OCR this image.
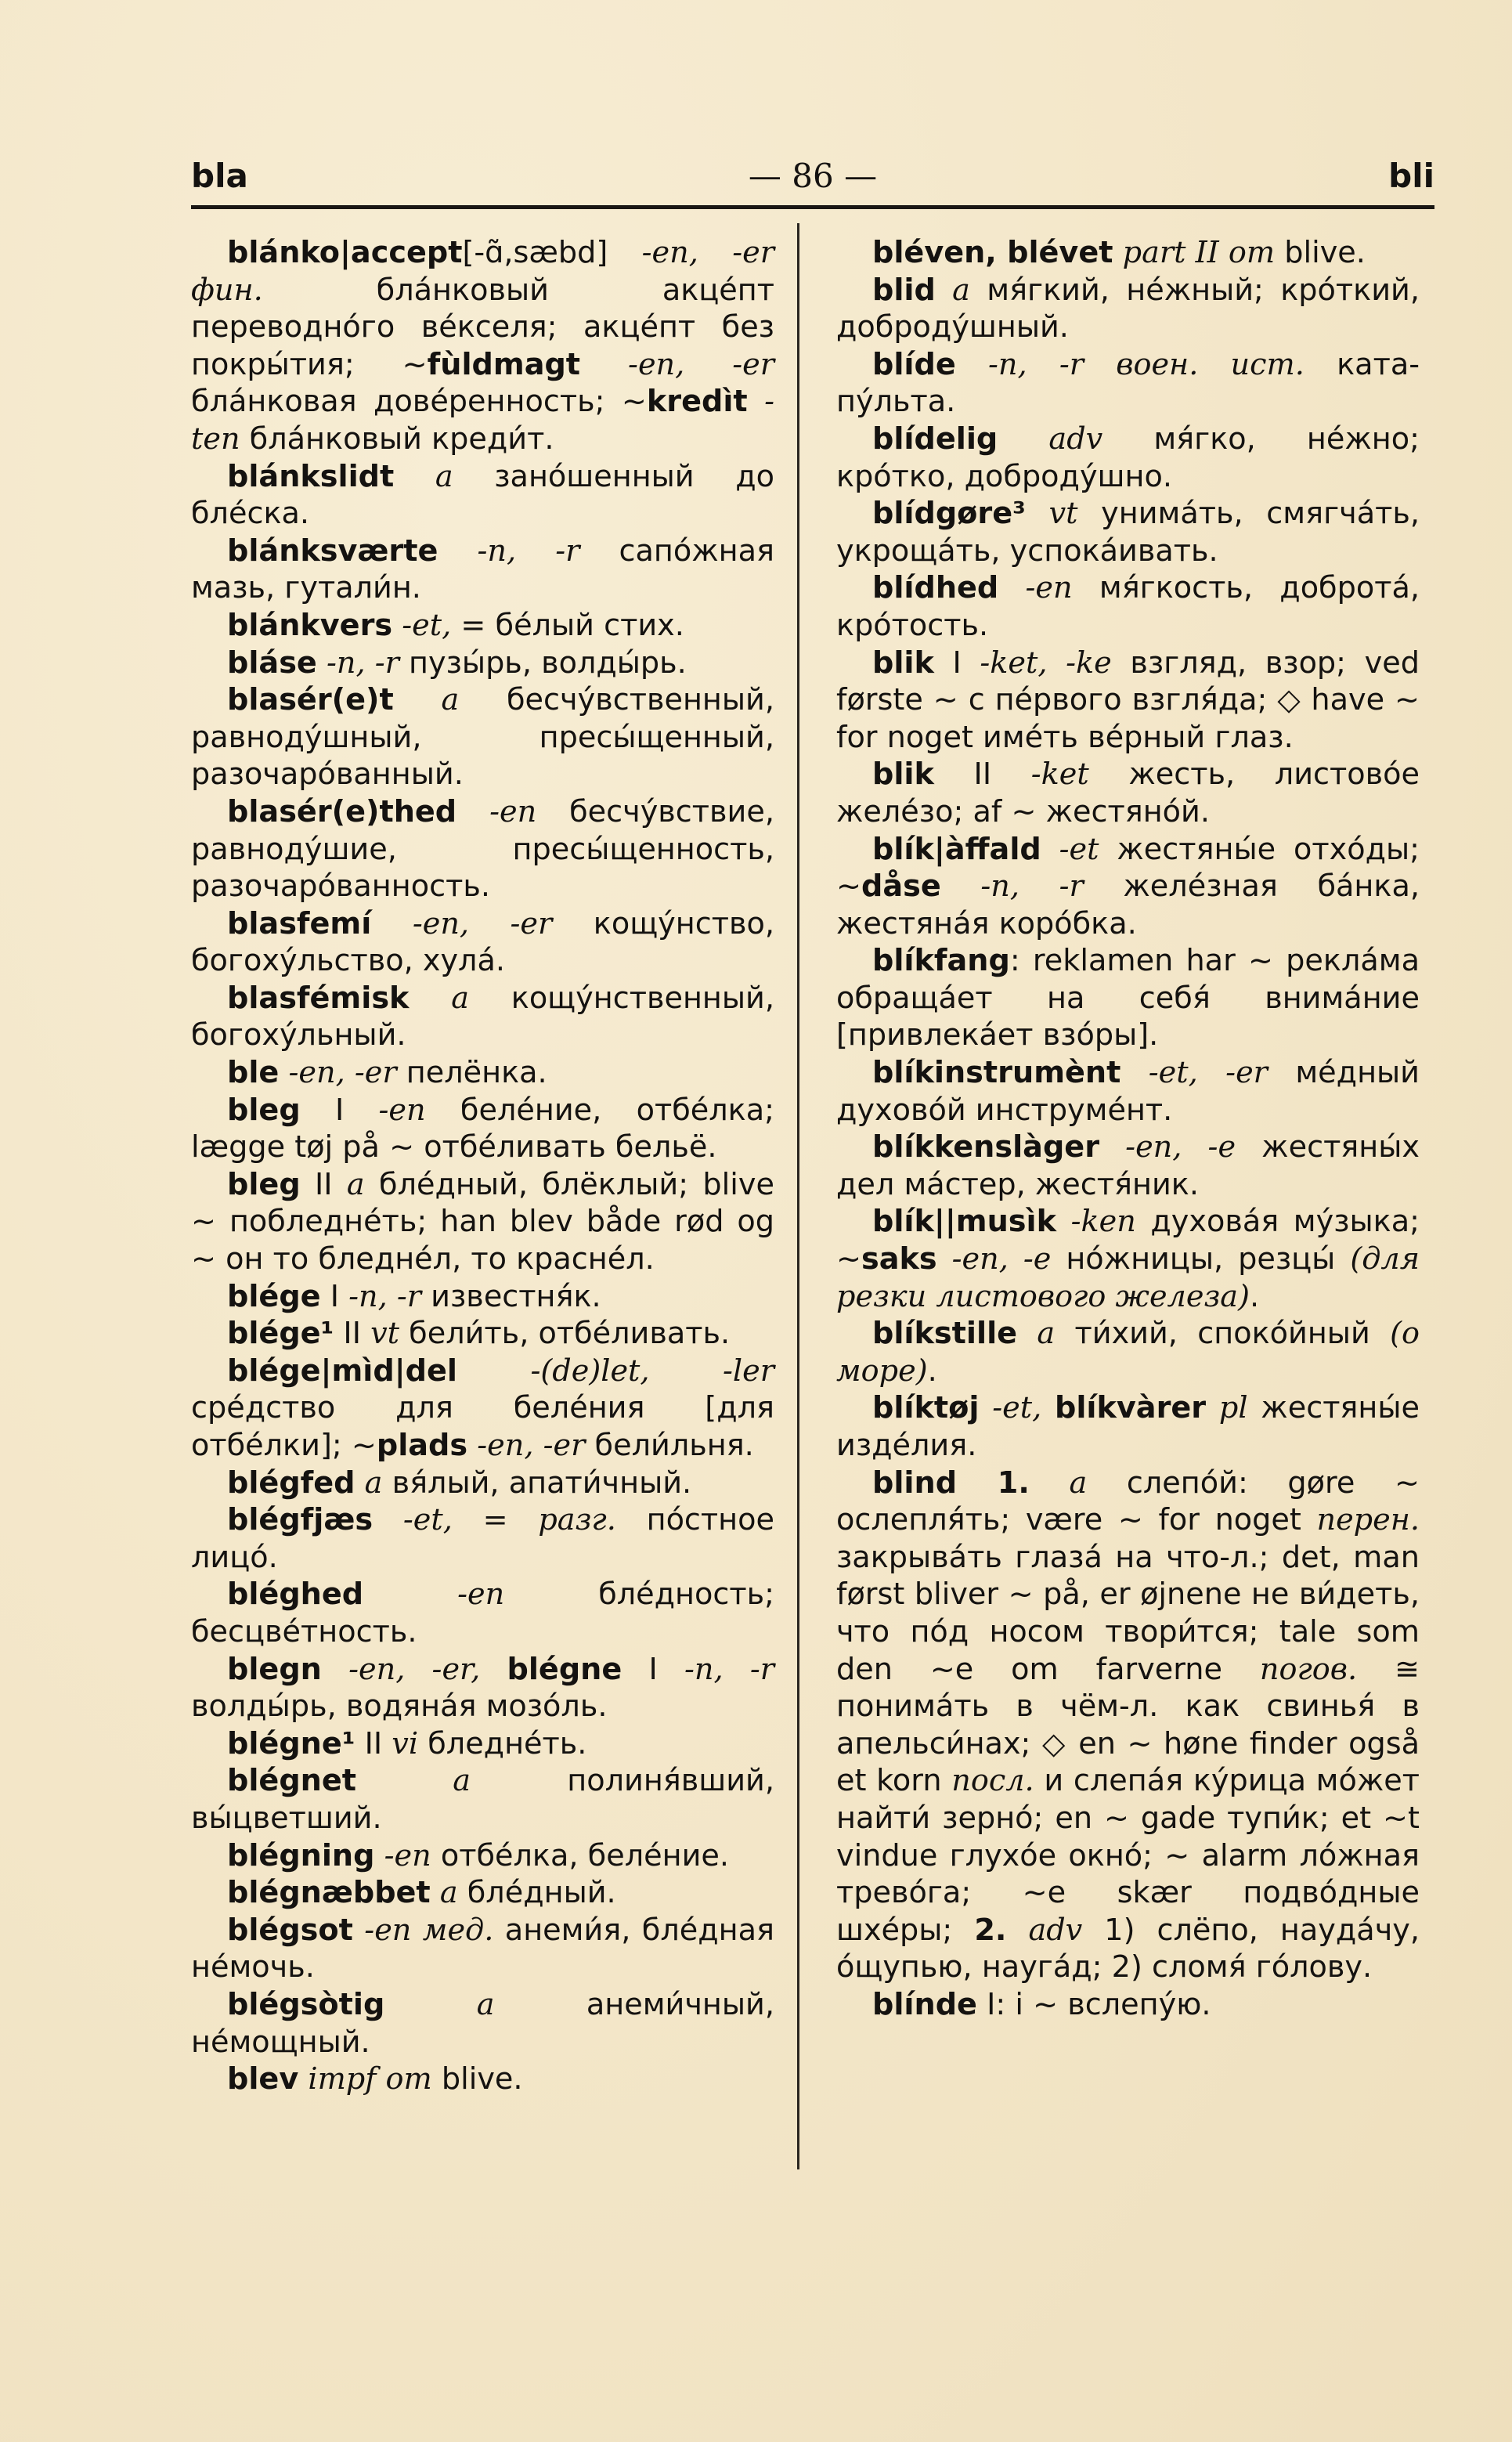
— 86 —
bla	bli

blánko|accept[-ɑ̃,sæbd] -en, -er фин. бла́нковый акце́пт переводно́го ве́кселя; акце́пт без покры́тия; ~fùldmagt -en, -er бла́нковая дове́ренность; ~kredìt -ten бла́нковый креди́т.

blánkslidt a зано́шенный до бле́ска.

blánksværte -n, -r сапо́жная мазь, гутали́н.

blánkvers -et, = бе́лый стих.

bláse -n, -r пузы́рь, волды́рь.

blasér(e)t a бесчу́вственный, равноду́шный, пресы́щенный, разочаро́ванный.

blasér(e)thed -en бесчу́вствие, равноду́шие, пресы́щенность, разочаро́ванность.

blasfemí -en, -er кощу́нство, богоху́льство, хула́.

blasfémisk a кощу́нственный, богоху́льный.

ble -en, -er пелёнка.

bleg I -en беле́ние, отбе́лка; lægge tøj på ~ отбе́ливать бельё.

bleg II a бле́дный, блёклый; blive ~ побледне́ть; han blev både rød og ~ он то бледне́л, то красне́л.

blége I -n, -r известня́к.

blége¹ II vt бели́ть, отбе́ливать.

blége|mìd|del -(de)let, -ler сре́дство для беле́ния [для отбе́лки]; ~plads -en, -er бели́льня.

blégfed a вя́лый, апати́чный.

blégfjæs -et, = разг. по́стное лицо́.

bléghed	-en бле́дность; бесцве́тность.

blegn -en, -er, blégne I -n, -r волды́рь, водяна́я мозо́ль.

blégne¹ II vi бледне́ть.

blégnet	a полиня́вший, вы́цветший.

blégning -en отбе́лка, беле́ние.

blégnæbbet a бле́дный.

blégsot -en мед. анеми́я, бле́дная не́мочь.

blégsòtig	a анеми́чный, не́мощный.

blev impf om blive.

bléven, blévet part II om blive.

blid a мя́гкий, не́жный; кро́ткий, доброду́шный.

blíde -n, -r воен. ист. ката-пу́льта.

blídelig adv мя́гко, не́жно; кро́тко, доброду́шно.

blídgøre³ vt унима́ть, смягча́ть, укроща́ть, успока́ивать.

blídhed -en мя́гкость, доброта́, кро́тость.

blik I -ket, -ke взгляд, взор; ved første ~ с пе́рвого взгля́да; ◇ have ~ for noget име́ть ве́рный глаз.

blik II -ket жесть, листово́е желе́зо; af ~ жестяно́й.

blík|àffald -et жестяны́е отхо́ды; ~dåse -n, -r желе́зная ба́нка, жестяна́я коро́бка.

blíkfang: reklamen har ~ рекла́ма обраща́ет на себя́ внима́ние [привлека́ет взо́ры].

blíkinstrumènt -et, -er ме́дный духово́й инструме́нт.

blíkkenslàger -en, -e жестяны́х дел ма́стер, жестя́ник.

blík||musìk -ken духова́я му́зыка; ~saks -en, -e но́жницы, резцы́ (для резки листового железа).

blíkstille a ти́хий, споко́йный (о море).

blíktøj -et, blíkvàrer pl жестяны́е изде́лия.

blind 1. a слепо́й: gøre ~ ослепля́ть; være ~ for noget перен. закрыва́ть глаза́ на что-л.; det, man først bliver ~ på, er øjnene не ви́деть, что по́д носом твори́тся; tale som den ~e om farverne погов. ≅ понима́ть в чём-л. как свинья́ в апельси́нах; ◇ en ~ høne finder også et korn посл. и слепа́я ку́рица мо́жет найти́ зерно́; en ~ gade тупи́к; et ~t vindue глухо́е окно́; ~ alarm ло́жная трево́га; ~e skær подво́дные шхе́ры; 2. adv 1) слёпо, науда́чу, о́щупью, науга́д; 2) сломя́ го́лову.

blínde I: i ~ вслепу́ю.
